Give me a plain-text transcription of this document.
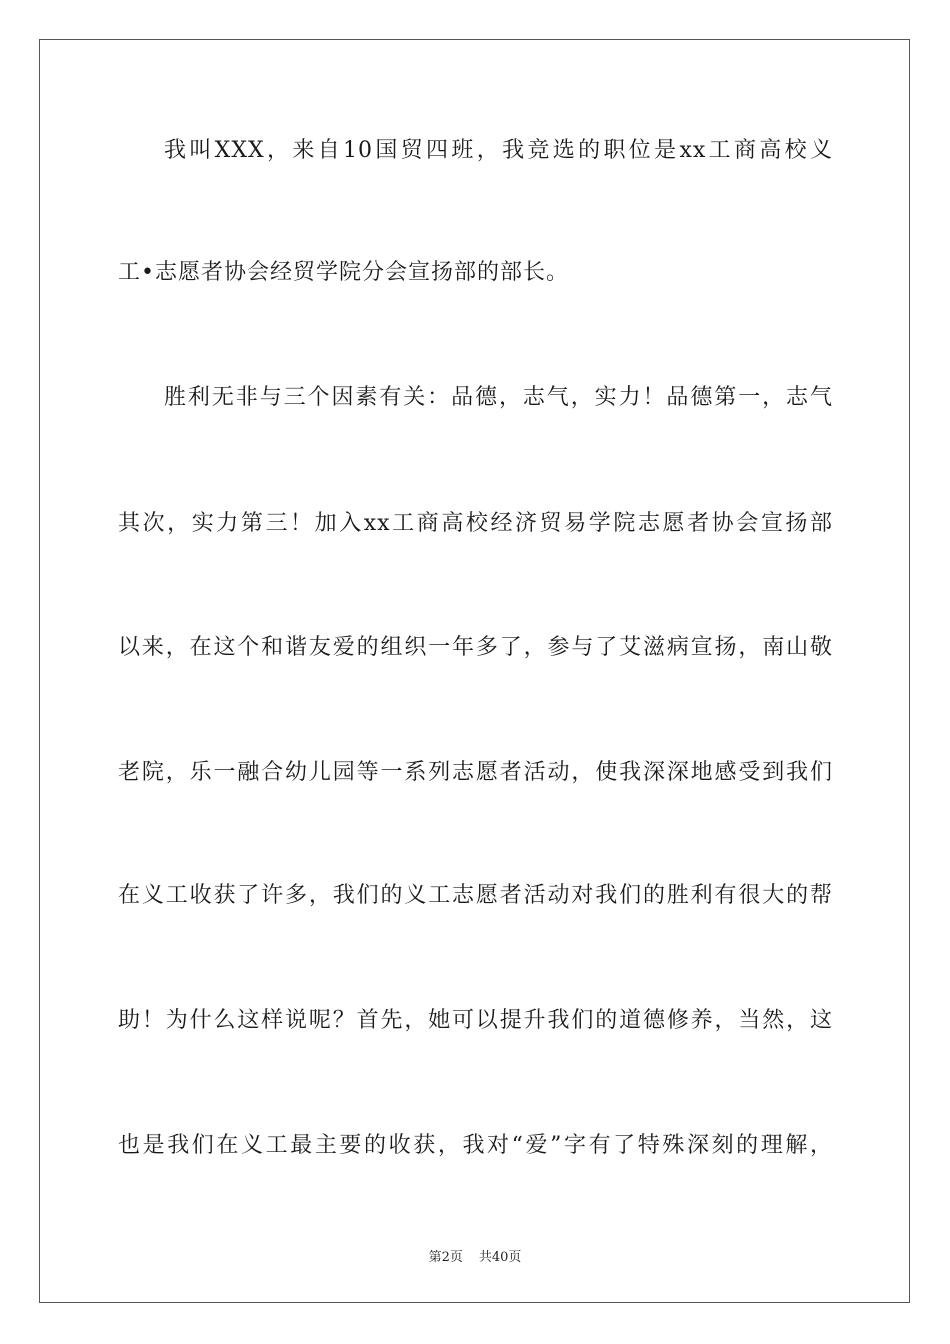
我叫XXX，来自10国贸四班，我竞选的职位是xx工商高校义
工•志愿者协会经贸学院分会宣扬部的部长。
胜利无非与三个因素有关：品德，志气，实力！品德第一，志气
其次，实力第三！加入xx工商高校经济贸易学院志愿者协会宣扬部
以来，在这个和谐友爱的组织一年多了，参与了艾滋病宣扬，南山敬
老院，乐一融合幼儿园等一系列志愿者活动，使我深深地感受到我们
在义工收获了许多，我们的义工志愿者活动对我们的胜利有很大的帮
助！为什么这样说呢？首先，她可以提升我们的道德修养，当然，这
也是我们在义工最主要的收获，我对“爱”字有了特殊深刻的理解，
第2页 共40页
